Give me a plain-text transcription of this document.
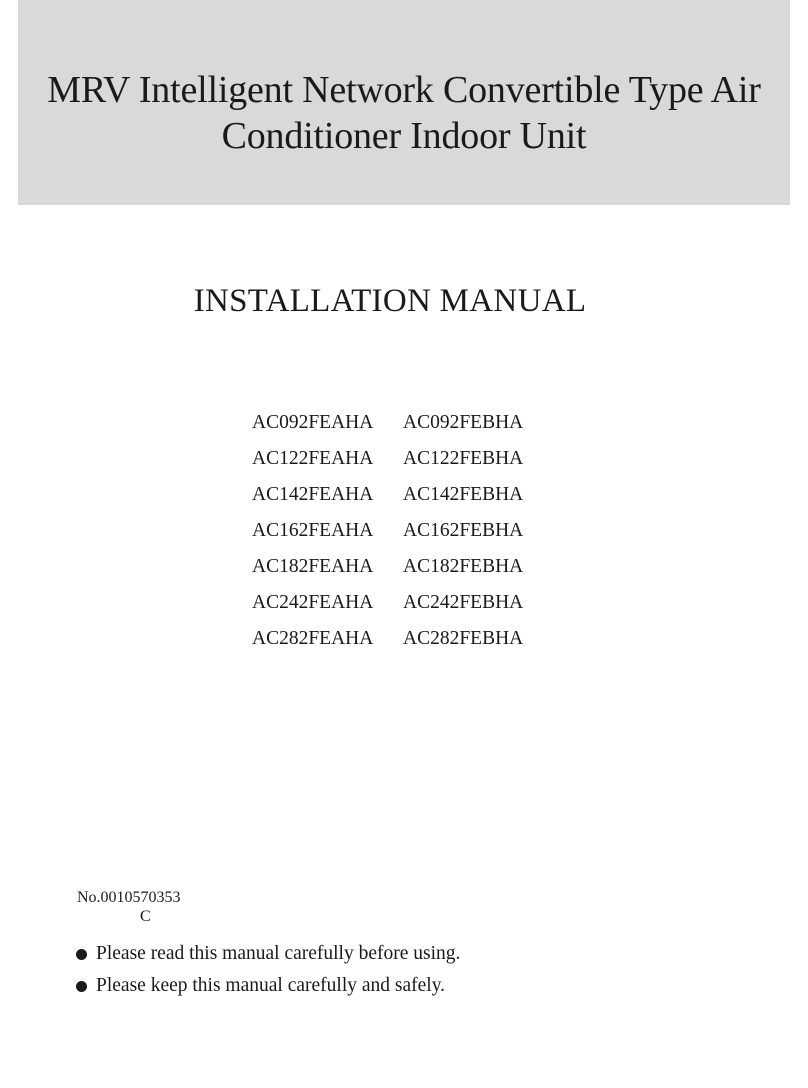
MRV Intelligent Network Convertible Type Air
Conditioner Indoor Unit
INSTALLATION MANUAL
AC092FEAHA	AC092FEBHA
AC122FEAHA	AC122FEBHA
AC142FEAHA	AC142FEBHA
AC162FEAHA	AC162FEBHA
AC182FEAHA	AC182FEBHA
AC242FEAHA	AC242FEBHA
AC282FEAHA	AC282FEBHA
No.0010570353
C
Please read this manual carefully before using.
Please keep this manual carefully and safely.
